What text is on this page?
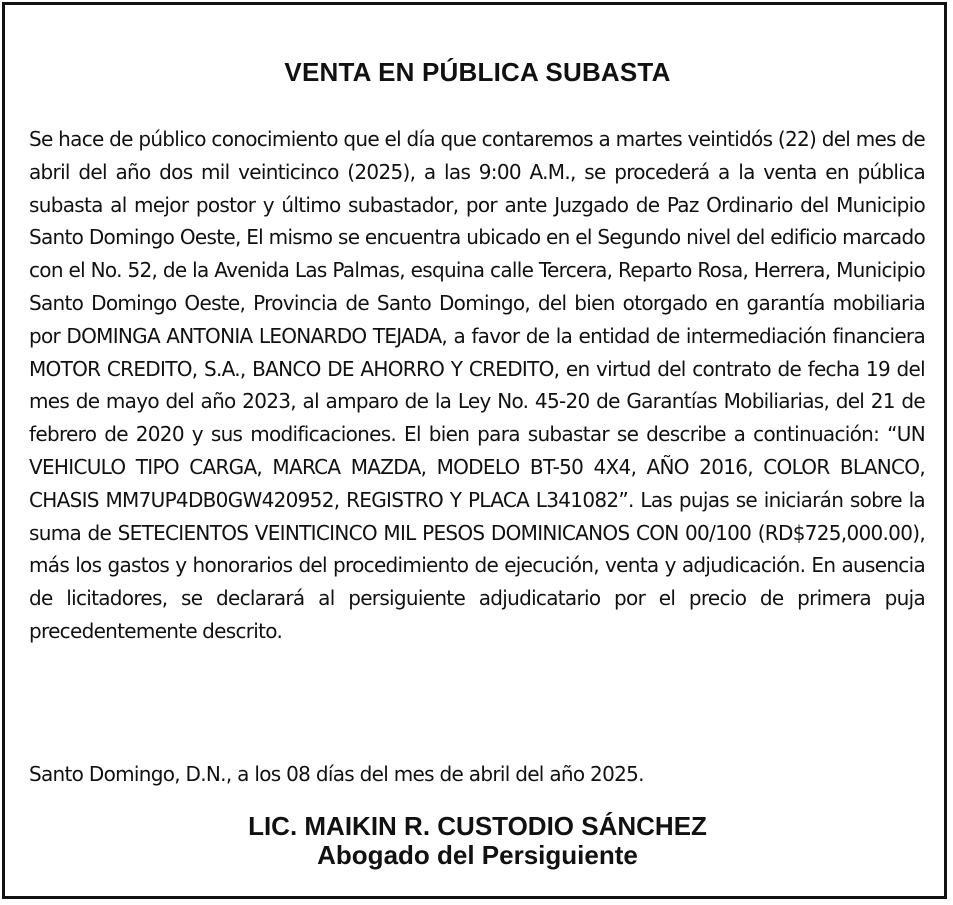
VENTA EN PÚBLICA SUBASTA

Se hace de público conocimiento que el día que contaremos a martes veintidós (22) del mes de abril del año dos mil veinticinco (2025), a las 9:00 A.M., se procederá a la venta en pública subasta al mejor postor y último subastador, por ante Juzgado de Paz Ordinario del Municipio Santo Domingo Oeste, El mismo se encuentra ubicado en el Segundo nivel del edificio marcado con el No. 52, de la Avenida Las Palmas, esquina calle Tercera, Reparto Rosa, Herrera, Municipio Santo Domingo Oeste, Provincia de Santo Domingo, del bien otorgado en garantía mobiliaria por DOMINGA ANTONIA LEONARDO TEJADA, a favor de la entidad de intermediación financiera MOTOR CREDITO, S.A., BANCO DE AHORRO Y CREDITO, en virtud del contrato de fecha 19 del mes de mayo del año 2023, al amparo de la Ley No. 45-20 de Garantías Mobiliarias, del 21 de febrero de 2020 y sus modificaciones. El bien para subastar se describe a continuación: “UN VEHICULO TIPO CARGA, MARCA MAZDA, MODELO BT-50 4X4, AÑO 2016, COLOR BLANCO, CHASIS MM7UP4DB0GW420952, REGISTRO Y PLACA L341082”. Las pujas se iniciarán sobre la suma de SETECIENTOS VEINTICINCO MIL PESOS DOMINICANOS CON 00/100 (RD$725,000.00), más los gastos y honorarios del procedimiento de ejecución, venta y adjudicación. En ausencia de licitadores, se declarará al persiguiente adjudicatario por el precio de primera puja precedentemente descrito.

Santo Domingo, D.N., a los 08 días del mes de abril del año 2025.

LIC. MAIKIN R. CUSTODIO SÁNCHEZ
Abogado del Persiguiente
